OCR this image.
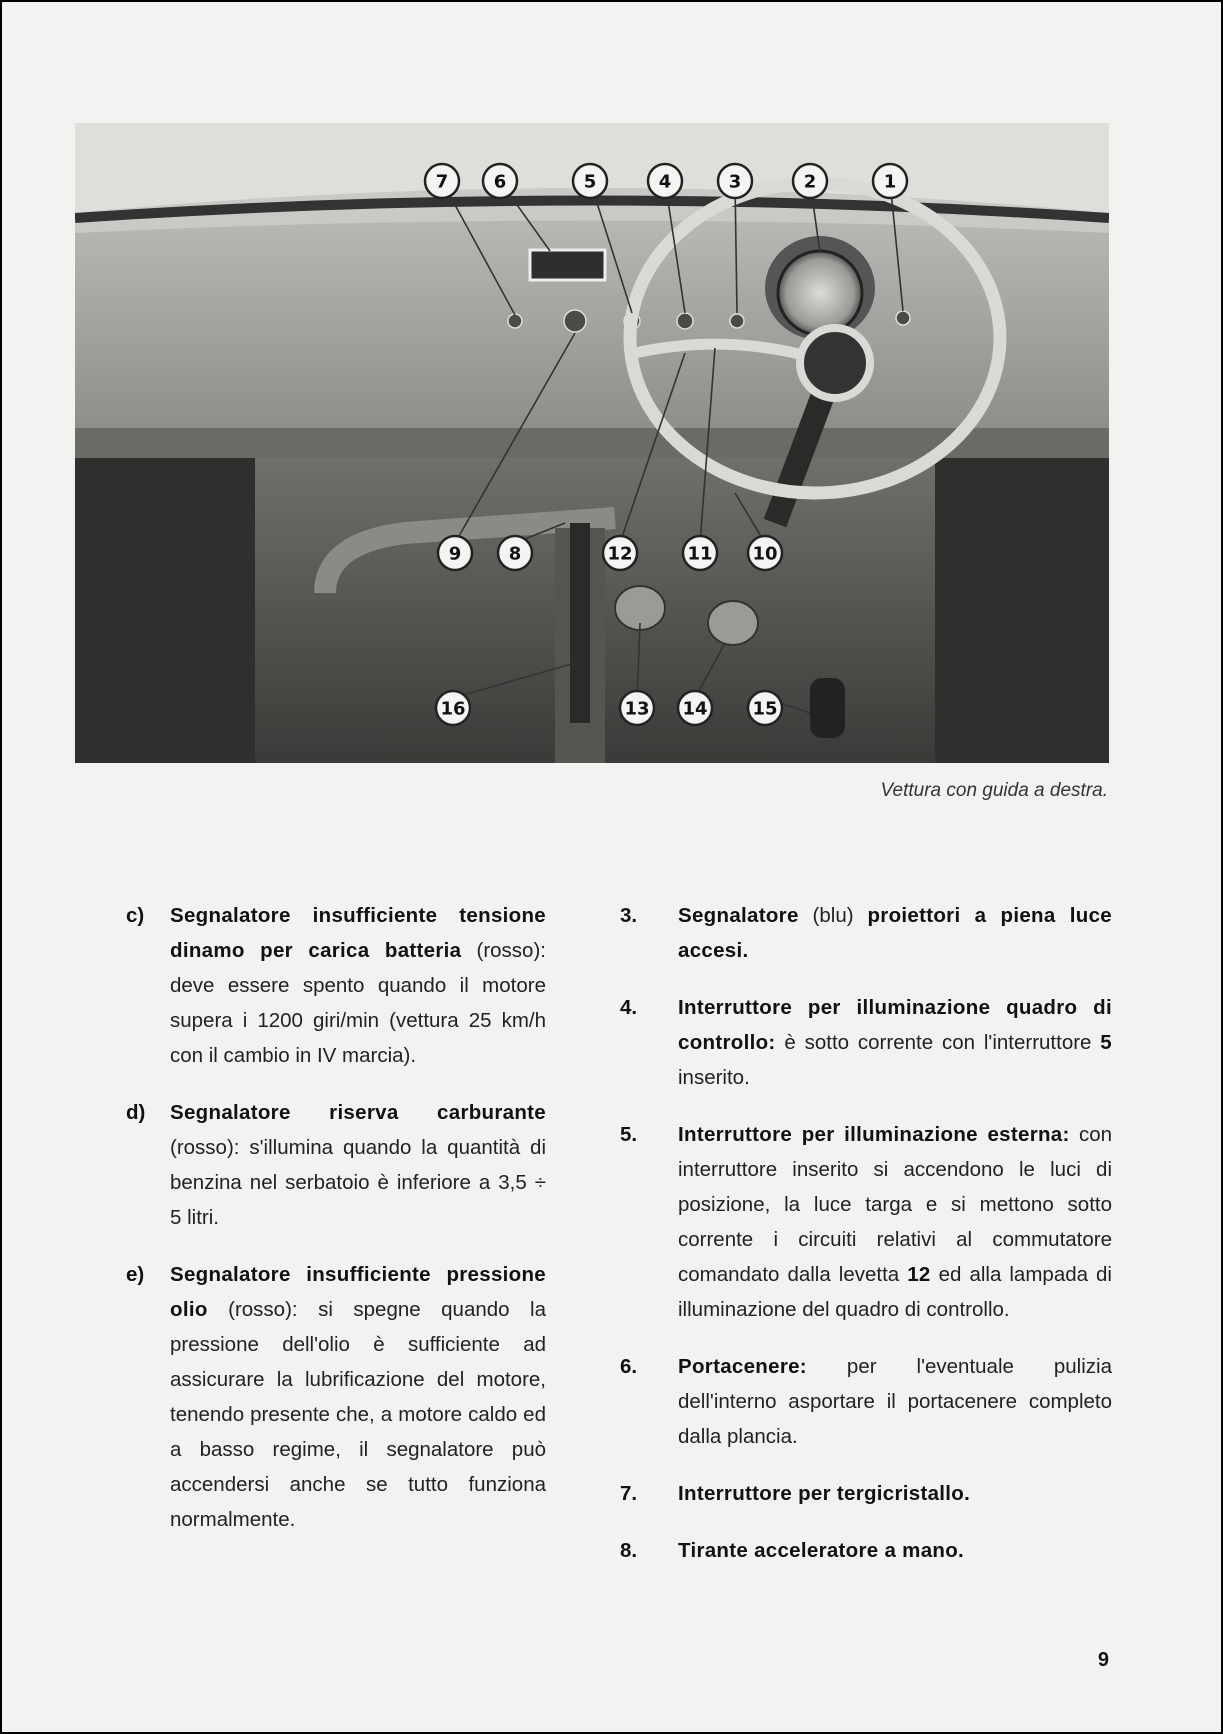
1
2
3
4
5
6
7
8
9	10
11
12
13 14 15
16
Vettura con guida a destra.
c)	Segnalatore insufficiente tensione dinamo per carica batteria (rosso): deve essere spento quando il motore supera i 1200 giri/min (vettura 25 km/h con il cambio in IV marcia).
d)	Segnalatore riserva carburante (rosso): s'illumina quando la quantità di benzina nel serbatoio è inferiore a 3,5 ÷ 5 litri.
e)	Segnalatore insufficiente pressione olio (rosso): si spegne quando la pressione dell'olio è sufficiente ad assicurare la lubrificazione del motore, tenendo presente che, a motore caldo ed a basso regime, il segnalatore può accendersi anche se tutto funziona normalmente.
3.	Segnalatore (blu) proiettori a piena luce accesi.
4.	Interruttore per illuminazione quadro di controllo: è sotto corrente con l'interruttore 5 inserito.
5.	Interruttore per illuminazione esterna: con interruttore inserito si accendono le luci di posizione, la luce targa e si mettono sotto corrente i circuiti relativi al commutatore comandato dalla levetta 12 ed alla lampada di illuminazione del quadro di controllo.
6.	Portacenere: per l'eventuale pulizia dell'interno asportare il portacenere completo dalla plancia.
7.	Interruttore per tergicristallo.
8.	Tirante acceleratore a mano.
9
